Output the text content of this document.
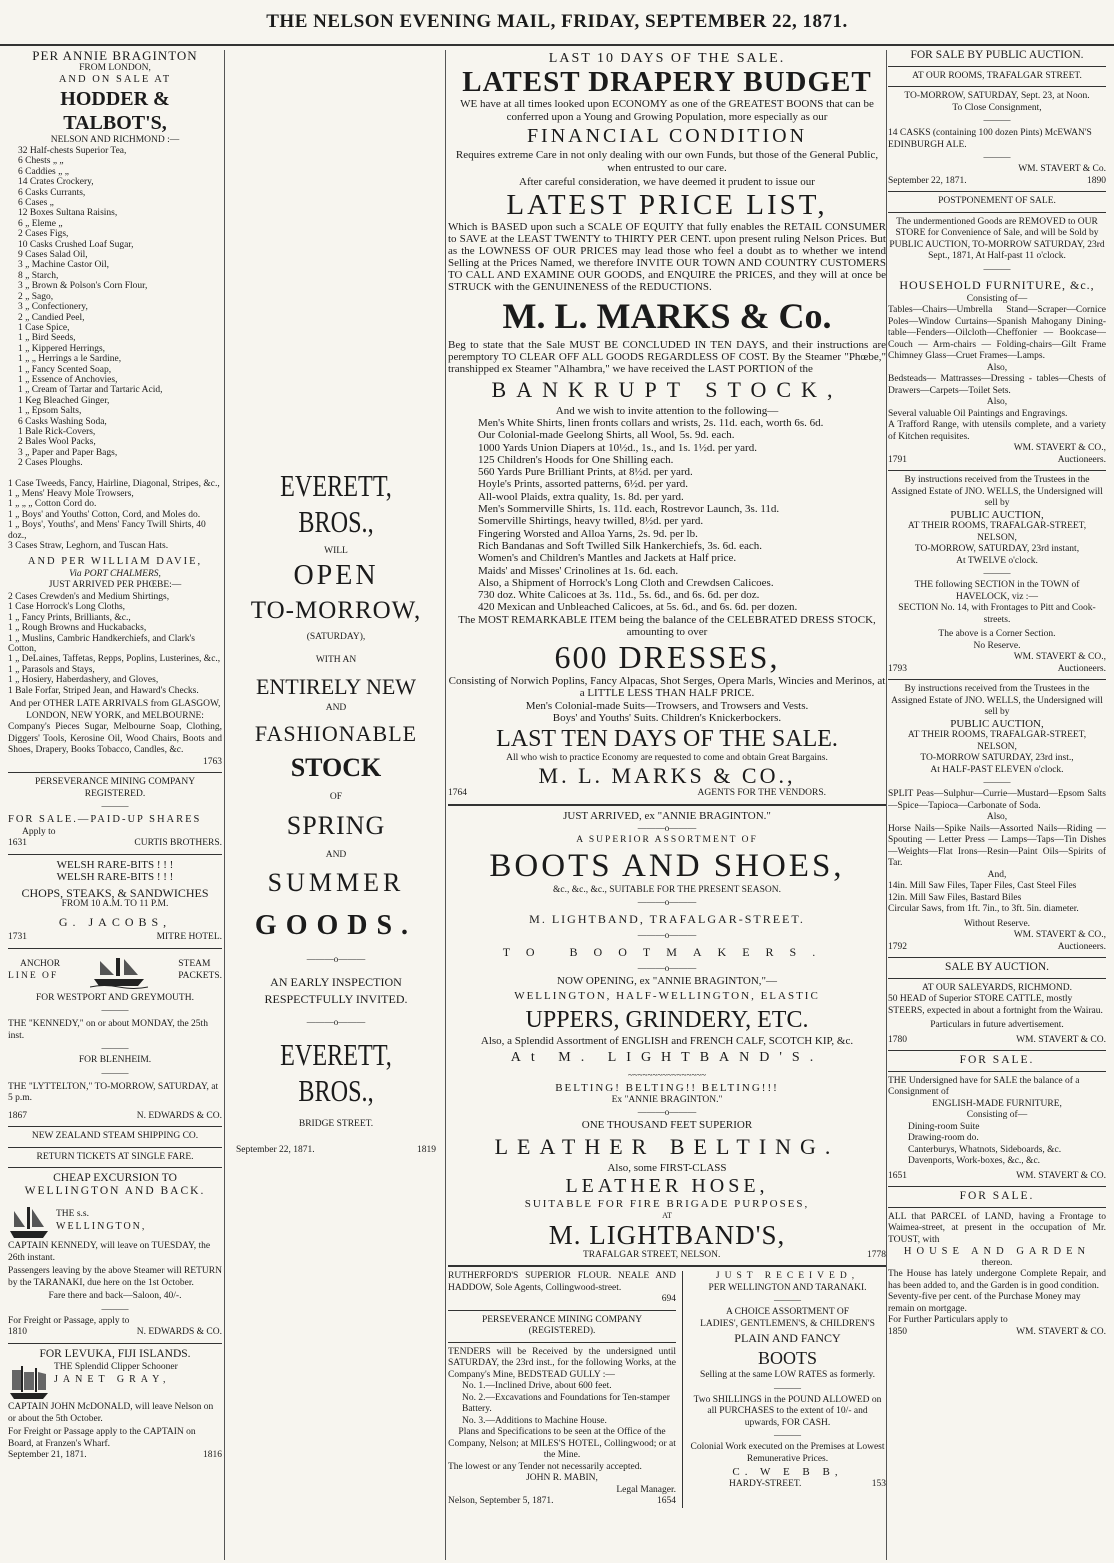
THE NELSON EVENING MAIL, FRIDAY, SEPTEMBER 22, 1871.
PER ANNIE BRAGINTON
FROM LONDON,
AND ON SALE AT
HODDER & TALBOT'S,
NELSON AND RICHMOND :—
32 Half-chests Superior Tea,
6 Chests „ „
6 Caddies „ „
14 Crates Crockery,
6 Casks Currants,
6 Cases „
12 Boxes Sultana Raisins,
6 „ Eleme „
2 Cases Figs,
10 Casks Crushed Loaf Sugar,
9 Cases Salad Oil,
3 „ Machine Castor Oil,
8 „ Starch,
3 „ Brown & Polson's Corn Flour,
2 „ Sago,
3 „ Confectionery,
2 „ Candied Peel,
1 Case Spice,
1 „ Bird Seeds,
1 „ Kippered Herrings,
1 „ „ Herrings a le Sardine,
1 „ Fancy Scented Soap,
1 „ Essence of Anchovies,
1 „ Cream of Tartar and Tartaric Acid,
1 Keg Bleached Ginger,
1 „ Epsom Salts,
6 Casks Washing Soda,
1 Bale Rick-Covers,
2 Bales Wool Packs,
3 „ Paper and Paper Bags,
2 Cases Ploughs.
1 Case Tweeds, Fancy, Hairline, Diagonal, Stripes, &c.,
1 „ Mens' Heavy Mole Trowsers,
1 „ „ „ Cotton Cord do.
1 „ Boys' and Youths' Cotton, Cord, and Moles do.
1 „ Boys', Youths', and Mens' Fancy Twill Shirts, 40 doz.,
3 Cases Straw, Leghorn, and Tuscan Hats.
AND PER WILLIAM DAVIE,
Via PORT CHALMERS,
JUST ARRIVED PER PHŒBE:—
2 Cases Crewden's and Medium Shirtings,
1 Case Horrock's Long Cloths,
1 „ Fancy Prints, Brilliants, &c.,
1 „ Rough Browns and Huckabacks,
1 „ Muslins, Cambric Handkerchiefs, and Clark's Cotton,
1 „ DeLaines, Taffetas, Repps, Poplins, Lusterines, &c.,
1 „ Parasols and Stays,
1 „ Hosiery, Haberdashery, and Gloves,
1 Bale Forfar, Striped Jean, and Haward's Checks.
And per OTHER LATE ARRIVALS from GLASGOW, LONDON, NEW YORK, and MELBOURNE:
Company's Pieces Sugar, Melbourne Soap, Clothing, Diggers' Tools, Kerosine Oil, Wood Chairs, Boots and Shoes, Drapery, Books Tobacco, Candles, &c.
1763
PERSEVERANCE MINING COMPANY
REGISTERED.
———
FOR SALE.—PAID-UP SHARES
Apply to
1631	CURTIS BROTHERS.
WELSH RARE-BITS ! ! !
WELSH RARE-BITS ! ! !
CHOPS, STEAKS, & SANDWICHES
FROM 10 A.M. TO 11 P.M.
G. JACOBS,
1731	MITRE HOTEL.
ANCHOR
LINE OF
STEAM
PACKETS.
FOR WESTPORT AND GREYMOUTH.
———
THE "KENNEDY," on or about MONDAY, the 25th inst.
———
FOR BLENHEIM.
———
THE "LYTTELTON," TO-MORROW, SATURDAY, at 5 p.m.
1867	N. EDWARDS & CO.
NEW ZEALAND STEAM SHIPPING CO.
RETURN TICKETS AT SINGLE FARE.
CHEAP EXCURSION TO
WELLINGTON AND BACK.
THE s.s.
WELLINGTON,
CAPTAIN KENNEDY, will leave on TUESDAY, the 26th instant.
Passengers leaving by the above Steamer will RETURN by the TARANAKI, due here on the 1st October.
Fare there and back—Saloon, 40/-.
———
For Freight or Passage, apply to
1810	N. EDWARDS & CO.
FOR LEVUKA, FIJI ISLANDS.
THE Splendid Clipper Schooner
JANET GRAY,
CAPTAIN JOHN McDONALD, will leave Nelson on or about the 5th October.
For Freight or Passage apply to the CAPTAIN on Board, at Franzen's Wharf.
September 21, 1871.	1816
EVERETT, BROS.,
WILL
OPEN
TO-MORROW,
(SATURDAY),
WITH AN
ENTIRELY NEW
AND
FASHIONABLE
STOCK
OF
SPRING
AND
SUMMER
GOODS.
———o———
AN EARLY INSPECTION RESPECTFULLY INVITED.
———o———
EVERETT, BROS.,
BRIDGE STREET.
September 22, 1871.	1819
LAST 10 DAYS OF THE SALE.
LATEST DRAPERY BUDGET
WE have at all times looked upon ECONOMY as one of the GREATEST BOONS that can be conferred upon a Young and Growing Population, more especially as our
FINANCIAL CONDITION
Requires extreme Care in not only dealing with our own Funds, but those of the General Public, when entrusted to our care.
After careful consideration, we have deemed it prudent to issue our
LATEST PRICE LIST,
Which is BASED upon such a SCALE OF EQUITY that fully enables the RETAIL CONSUMER to SAVE at the LEAST TWENTY to THIRTY PER CENT. upon present ruling Nelson Prices. But as the LOWNESS OF OUR PRICES may lead those who feel a doubt as to whether we intend Selling at the Prices Named, we therefore INVITE OUR TOWN AND COUNTRY CUSTOMERS TO CALL AND EXAMINE OUR GOODS, and ENQUIRE the PRICES, and they will at once be STRUCK with the GENUINENESS of the REDUCTIONS.
M. L. MARKS & Co.
Beg to state that the Sale MUST BE CONCLUDED IN TEN DAYS, and their instructions are peremptory TO CLEAR OFF ALL GOODS REGARDLESS OF COST. By the Steamer "Phœbe," transhipped ex Steamer "Alhambra," we have received the LAST PORTION of the
BANKRUPT STOCK,
And we wish to invite attention to the following—
Men's White Shirts, linen fronts collars and wrists, 2s. 11d. each, worth 6s. 6d.
Our Colonial-made Geelong Shirts, all Wool, 5s. 9d. each.
1000 Yards Union Diapers at 10½d., 1s., and 1s. 1½d. per yard.
125 Children's Hoods for One Shilling each.
560 Yards Pure Brilliant Prints, at 8½d. per yard.
Hoyle's Prints, assorted patterns, 6½d. per yard.
All-wool Plaids, extra quality, 1s. 8d. per yard.
Men's Sommerville Shirts, 1s. 11d. each, Rostrevor Launch, 3s. 11d.
Somerville Shirtings, heavy twilled, 8½d. per yard.
Fingering Worsted and Alloa Yarns, 2s. 9d. per lb.
Rich Bandanas and Soft Twilled Silk Hankerchiefs, 3s. 6d. each.
Women's and Children's Mantles and Jackets at Half price.
Maids' and Misses' Crinolines at 1s. 6d. each.
Also, a Shipment of Horrock's Long Cloth and Crewdsen Calicoes.
730 doz. White Calicoes at 3s. 11d., 5s. 6d., and 6s. 6d. per doz.
420 Mexican and Unbleached Calicoes, at 5s. 6d., and 6s. 6d. per dozen.
The MOST REMARKABLE ITEM being the balance of the CELEBRATED DRESS STOCK, amounting to over
600 DRESSES,
Consisting of Norwich Poplins, Fancy Alpacas, Shot Serges, Opera Marls, Wincies and Merinos, at a LITTLE LESS THAN HALF PRICE.
Men's Colonial-made Suits—Trowsers, and Trowsers and Vests.
Boys' and Youths' Suits. Children's Knickerbockers.
LAST TEN DAYS OF THE SALE.
All who wish to practice Economy are requested to come and obtain Great Bargains.
M. L. MARKS & CO.,
1764	AGENTS FOR THE VENDORS.
JUST ARRIVED, ex "ANNIE BRAGINTON."
———o———
A SUPERIOR ASSORTMENT OF
BOOTS AND SHOES,
&c., &c., &c., SUITABLE FOR THE PRESENT SEASON.
———o———
M. LIGHTBAND, TRAFALGAR-STREET.
———o———
TO BOOTMAKERS.
———o———
NOW OPENING, ex "ANNIE BRAGINTON,"—
WELLINGTON, HALF-WELLINGTON, ELASTIC
UPPERS, GRINDERY, ETC.
Also, a Splendid Assortment of ENGLISH and FRENCH CALF, SCOTCH KIP, &c.
At M. LIGHTBAND'S.
~~~~~~~~~~~~~~~~
BELTING! BELTING!! BELTING!!!
Ex "ANNIE BRAGINTON."
———o———
ONE THOUSAND FEET SUPERIOR
LEATHER BELTING.
Also, some FIRST-CLASS
LEATHER HOSE,
SUITABLE FOR FIRE BRIGADE PURPOSES,
AT
M. LIGHTBAND'S,
TRAFALGAR STREET, NELSON.	1778
RUTHERFORD'S SUPERIOR FLOUR. NEALE AND HADDOW, Sole Agents, Collingwood-street.
694
PERSEVERANCE MINING COMPANY
(REGISTERED).
TENDERS will be Received by the undersigned until SATURDAY, the 23rd inst., for the following Works, at the Company's Mine, BEDSTEAD GULLY :—
No. 1.—Inclined Drive, about 600 feet.
No. 2.—Excavations and Foundations for Ten-stamper Battery.
No. 3.—Additions to Machine House.
Plans and Specifications to be seen at the Office of the Company, Nelson; at MILES'S HOTEL, Collingwood; or at the Mine.
The lowest or any Tender not necessarily accepted.
JOHN R. MABIN,
Legal Manager.
Nelson, September 5, 1871.	1654
JUST RECEIVED,
PER WELLINGTON AND TARANAKI.
———
A CHOICE ASSORTMENT OF
LADIES', GENTLEMEN'S, & CHILDREN'S
PLAIN AND FANCY
BOOTS
Selling at the same LOW RATES as formerly.
———
Two SHILLINGS in the POUND ALLOWED on all PURCHASES to the extent of 10/- and upwards, FOR CASH.
———
Colonial Work executed on the Premises at Lowest Remunerative Prices.
C. W E B B,
HARDY-STREET.	153
FOR SALE BY PUBLIC AUCTION.
AT OUR ROOMS, TRAFALGAR STREET.
TO-MORROW, SATURDAY, Sept. 23, at Noon.
To Close Consignment,
———
14 CASKS (containing 100 dozen Pints) McEWAN'S EDINBURGH ALE.
———
WM. STAVERT & Co.
September 22, 1871.	1890
POSTPONEMENT OF SALE.
The undermentioned Goods are REMOVED to OUR STORE for Convenience of Sale, and will be Sold by PUBLIC AUCTION, TO-MORROW SATURDAY, 23rd Sept., 1871, At Half-past 11 o'clock.
———
HOUSEHOLD FURNITURE, &c.,
Consisting of—
Tables—Chairs—Umbrella Stand—Scraper—Cornice Poles—Window Curtains—Spanish Mahogany Dining-table—Fenders—Oilcloth—Cheffonier — Bookcase—Couch — Arm-chairs — Folding-chairs—Gilt Frame Chimney Glass—Cruet Frames—Lamps.
Also,
Bedsteads— Mattrasses—Dressing - tables—Chests of Drawers—Carpets—Toilet Sets.
Also,
Several valuable Oil Paintings and Engravings.
A Trafford Range, with utensils complete, and a variety of Kitchen requisites.
WM. STAVERT & CO.,
1791	Auctioneers.
By instructions received from the Trustees in the Assigned Estate of JNO. WELLS, the Undersigned will sell by
PUBLIC AUCTION,
AT THEIR ROOMS, TRAFALGAR-STREET, NELSON,
TO-MORROW, SATURDAY, 23rd instant,
At TWELVE o'clock.
———
THE following SECTION in the TOWN of HAVELOCK, viz :—
SECTION No. 14, with Frontages to Pitt and Cook-streets.
The above is a Corner Section.
No Reserve.
WM. STAVERT & CO.,
1793	Auctioneers.
By instructions received from the Trustees in the Assigned Estate of JNO. WELLS, the Undersigned will sell by
PUBLIC AUCTION,
AT THEIR ROOMS, TRAFALGAR-STREET, NELSON,
TO-MORROW SATURDAY, 23rd inst.,
At HALF-PAST ELEVEN o'clock.
———
SPLIT Peas—Sulphur—Currie—Mustard—Epsom Salts—Spice—Tapioca—Carbonate of Soda.
Also,
Horse Nails—Spike Nails—Assorted Nails—Riding — Spouting — Letter Press — Lamps—Taps—Tin Dishes—Weights—Flat Irons—Resin—Paint Oils—Spirits of Tar.
And,
14in. Mill Saw Files, Taper Files, Cast Steel Files
12in. Mill Saw Files, Bastard Biles
Circular Saws, from 1ft. 7in., to 3ft. 5in. diameter.
Without Reserve.
WM. STAVERT & CO.,
1792	Auctioneers.
SALE BY AUCTION.
AT OUR SALEYARDS, RICHMOND.
50 HEAD of Superior STORE CATTLE, mostly STEERS, expected in about a fortnight from the Wairau.
Particulars in future advertisement.
1780	WM. STAVERT & CO.
FOR SALE.
THE Undersigned have for SALE the balance of a Consignment of
ENGLISH-MADE FURNITURE,
Consisting of—
Dining-room Suite
Drawing-room do.
Canterburys, Whatnots, Sideboards, &c.
Davenports, Work-boxes, &c., &c.
1651	WM. STAVERT & CO.
FOR SALE.
ALL that PARCEL of LAND, having a Frontage to Waimea-street, at present in the occupation of Mr. TOUST, with
HOUSE AND GARDEN
thereon.
The House has lately undergone Complete Repair, and has been added to, and the Garden is in good condition.
Seventy-five per cent. of the Purchase Money may remain on mortgage.
For Further Particulars apply to
1850	WM. STAVERT & CO.
